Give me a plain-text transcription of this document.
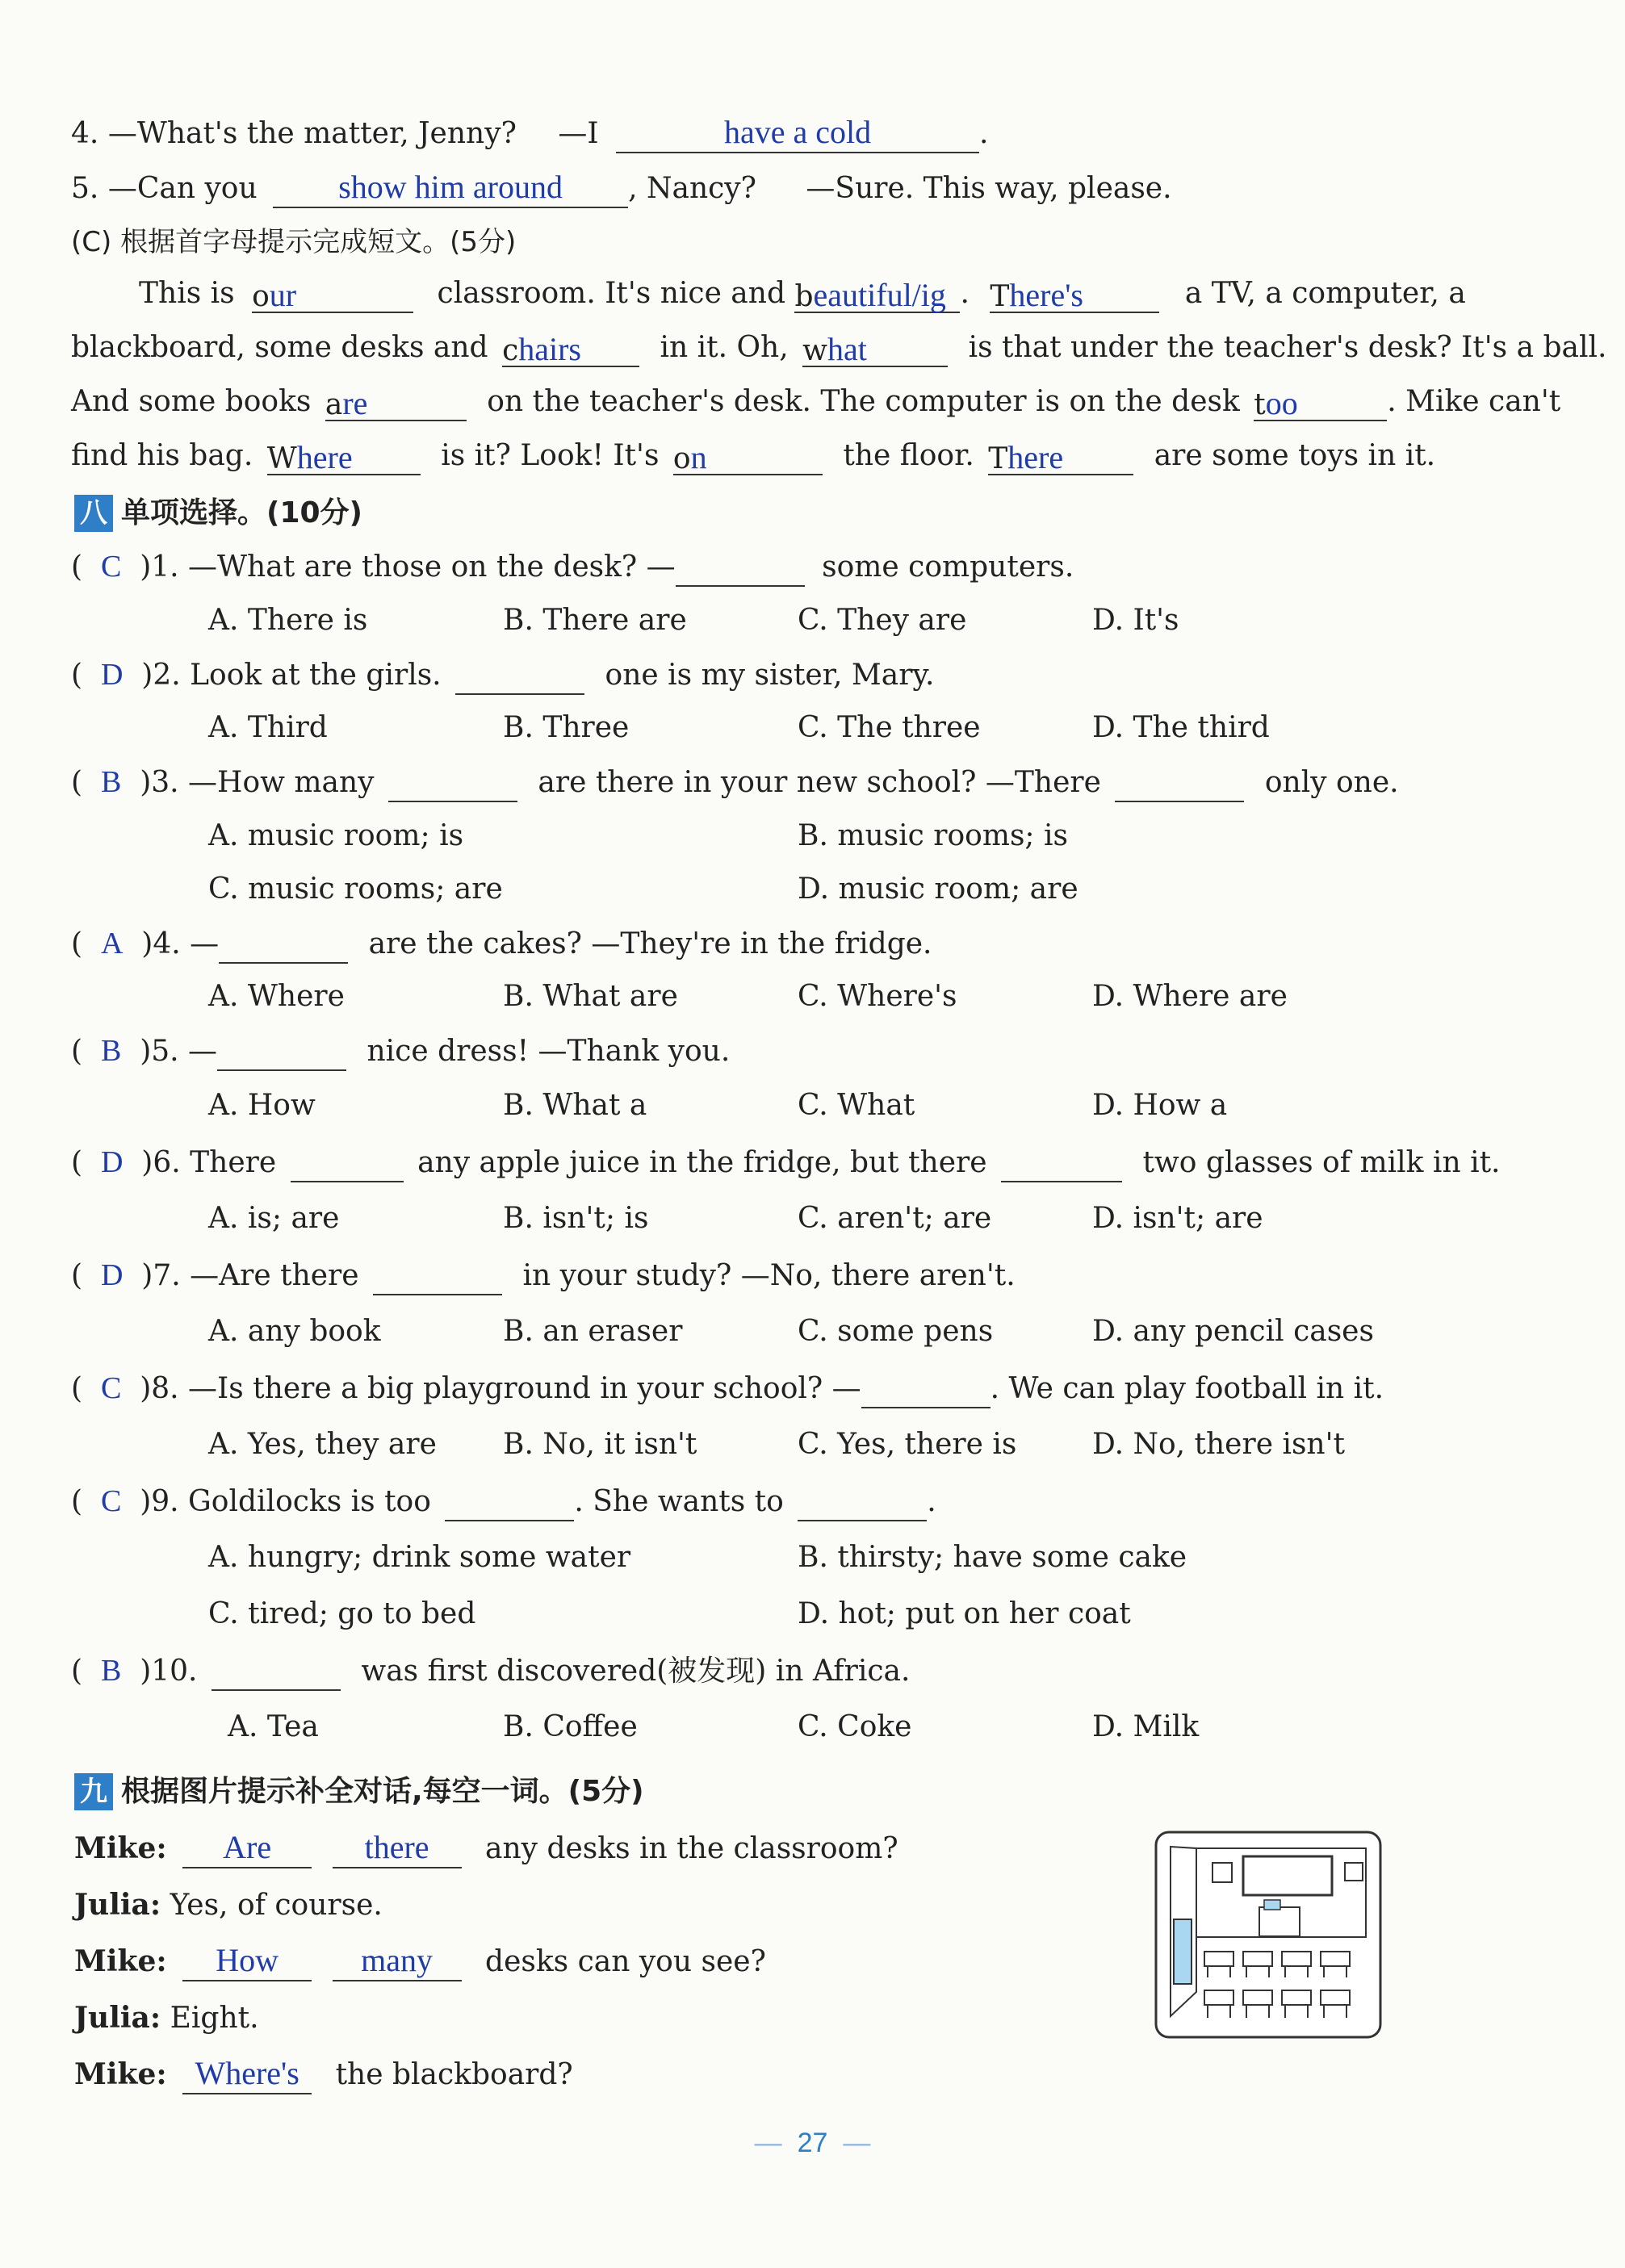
4. —What's the matter, Jenny? —I	have a cold	.
5. —Can you	show him around	, Nancy? —Sure. This way, please.
(C) 根据首字母提示完成短文。(5分)
This is our	classroom. It's nice and beautiful/ig . There's	a TV, a computer, a
blackboard, some desks and chairs	in it. Oh, what	is that under the teacher's desk? It's a ball.
And some books are	on the teacher's desk. The computer is on the desk too	. Mike can't
find his bag. Where	is it? Look! It's on	the floor. There	are some toys in it.
八 单项选择。(10分)
(  C )1. —What are those on the desk? —	some computers.
A. There is	B. There are	C. They are	D. It's
(  D )2. Look at the girls.	one is my sister, Mary.
A. Third	B. Three	C. The three	D. The third
(  B )3. —How many	are there in your new school? —There	only one.
A. music room; is	B. music rooms; is
C. music rooms; are	D. music room; are
(  A )4. —	are the cakes? —They're in the fridge.
A. Where	B. What are	C. Where's	D. Where are
(  B )5. —	nice dress! —Thank you.
A. How	B. What a	C. What	D. How a
(  D )6. There	any apple juice in the fridge, but there	two glasses of milk in it.
A. is; are	B. isn't; is	C. aren't; are	D. isn't; are
(  D )7. —Are there	in your study? —No, there aren't.
A. any book	B. an eraser	C. some pens	D. any pencil cases
(  C )8. —Is there a big playground in your school? —	. We can play football in it.
A. Yes, they are B. No, it isn't	C. Yes, there is	D. No, there isn't
(  C )9. Goldilocks is too	. She wants to	.
A. hungry; drink some water	B. thirsty; have some cake
C. tired; go to bed	D. hot; put on her coat
(  B )10.	was first discovered(被发现) in Africa.
A. Tea	B. Coffee	C. Coke	D. Milk
九 根据图片提示补全对话,每空一词。(5分)
Mike:	Are
	there	any desks in the classroom?
Julia: Yes, of course.
Mike:	How
	many	desks can you see?
Julia: Eight.
Mike: Where's	the blackboard?
— 27 —
